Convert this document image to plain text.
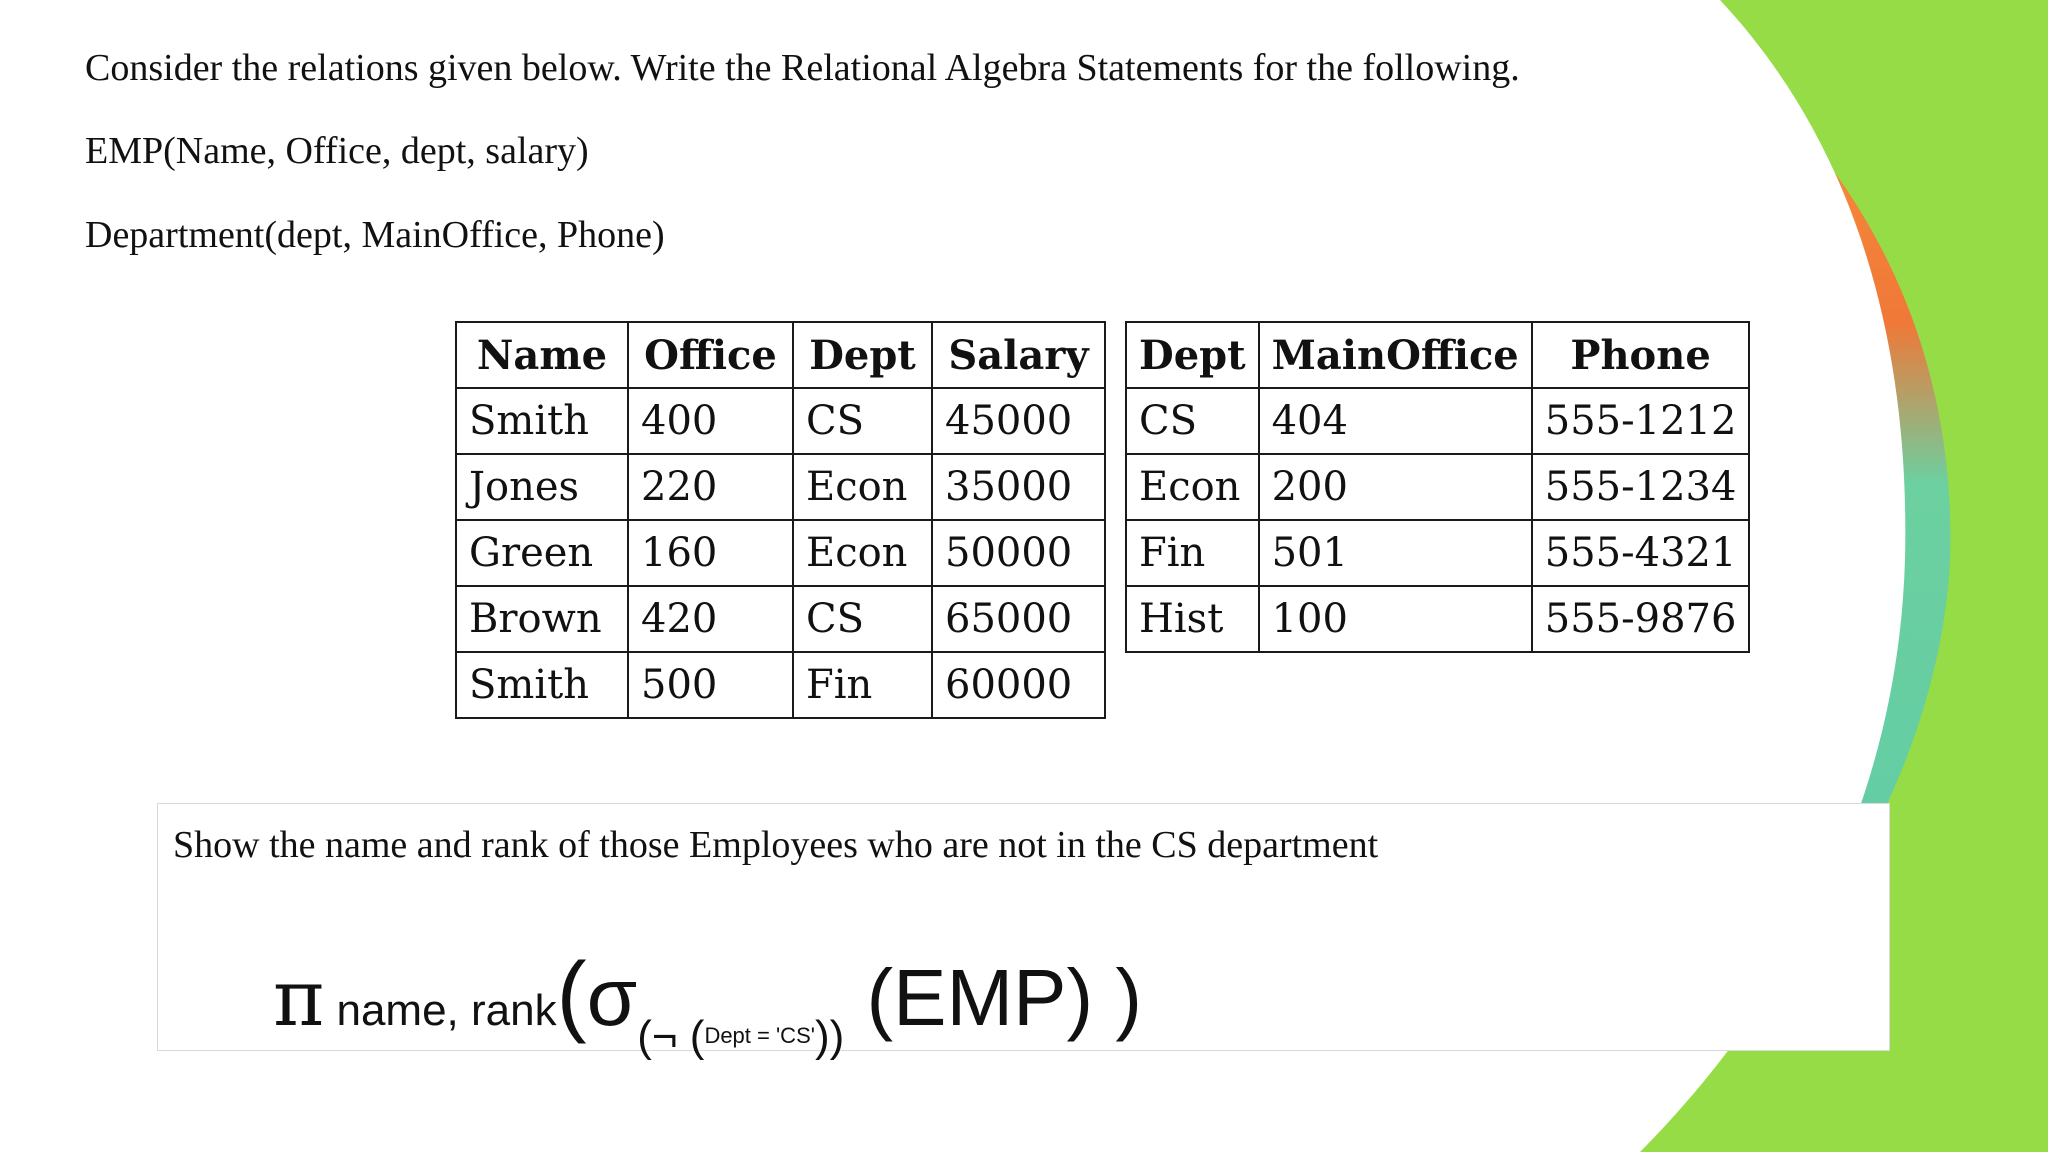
Consider the relations given below. Write the Relational Algebra Statements for the following.
EMP(Name, Office, dept, salary)
Department(dept, MainOffice, Phone)
Name	Office	Dept	Salary
Smith	400	CS	45000
Jones	220	Econ	35000
Green	160	Econ	50000
Brown	420	CS	65000
Smith	500	Fin	60000
Dept	MainOffice	Phone
CS	404	555-1212
Econ	200	555-1234
Fin	501	555-4321
Hist	100	555-9876
Show the name and rank of those Employees who are not in the CS department
π name, rank(σ(¬ (Dept = 'CS')) (EMP) )
